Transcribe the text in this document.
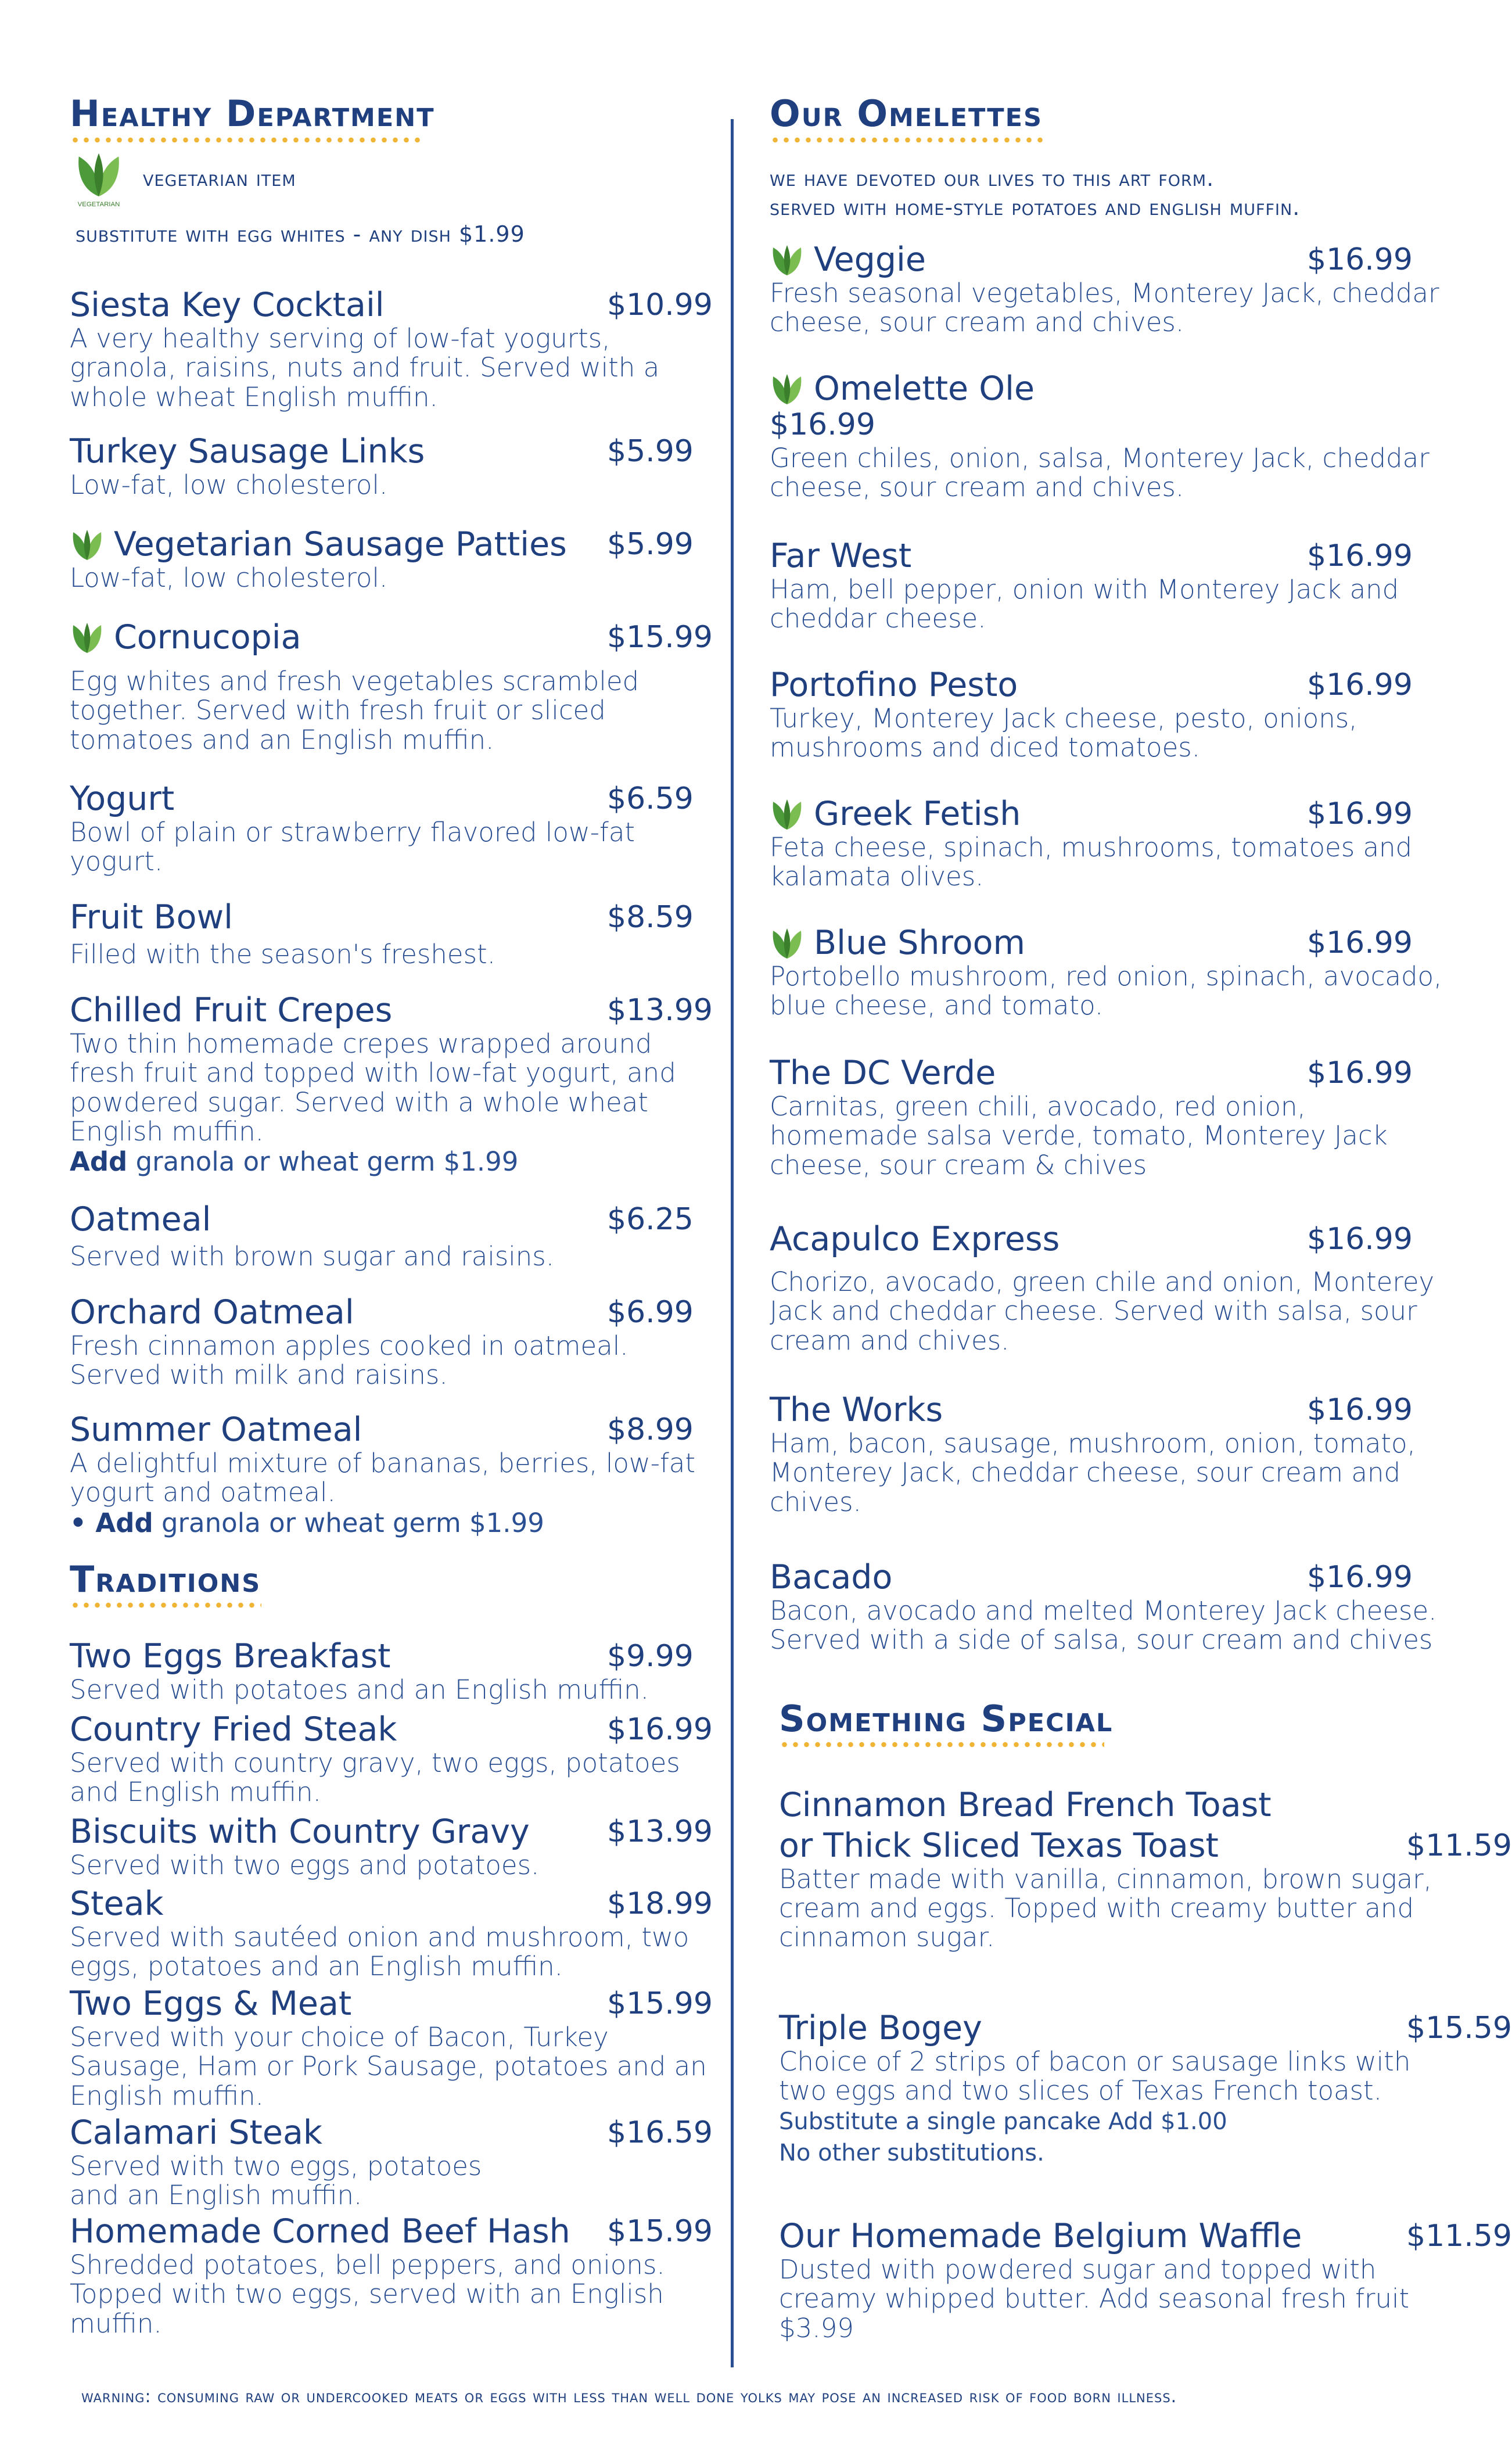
Healthy Department
VEGETARIAN
vegetarian item

substitute with egg whites - any dish $1.99

Siesta Key Cocktail	$10.99
A very healthy serving of low-fat yogurts, granola, raisins, nuts and fruit. Served with a whole wheat English muffin.
Turkey Sausage Links	$5.99
Low-fat, low cholesterol.
Vegetarian Sausage Patties $5.99
Low-fat, low cholesterol.
Cornucopia	$15.99
Egg whites and fresh vegetables scrambled together. Served with fresh fruit or sliced tomatoes and an English muffin.
Yogurt	$6.59
Bowl of plain or strawberry flavored low-fat yogurt.
Fruit Bowl	$8.59
Filled with the season's freshest.
Chilled Fruit Crepes	$13.99
Two thin homemade crepes wrapped around fresh fruit and topped with low-fat yogurt, and powdered sugar. Served with a whole wheat English muffin.
Add granola or wheat germ $1.99
Oatmeal	$6.25
Served with brown sugar and raisins.
Orchard Oatmeal	$6.99
Fresh cinnamon apples cooked in oatmeal. Served with milk and raisins.
Summer Oatmeal	$8.99
A delightful mixture of bananas, berries, low-fat yogurt and oatmeal.
• Add granola or wheat germ $1.99
Traditions
Two Eggs Breakfast	$9.99
Served with potatoes and an English muffin.
Country Fried Steak	$16.99
Served with country gravy, two eggs, potatoes and English muffin.
Biscuits with Country Gravy	$13.99
Served with two eggs and potatoes.
Steak	$18.99
Served with sautéed onion and mushroom, two eggs, potatoes and an English muffin.
Two Eggs & Meat	$15.99
Served with your choice of Bacon, Turkey Sausage, Ham or Pork Sausage, potatoes and an English muffin.
Calamari Steak	$16.59
Served with two eggs, potatoes and an English muffin.
Homemade Corned Beef Hash	$15.99
Shredded potatoes, bell peppers, and onions. Topped with two eggs, served with an English muffin.
Our Omelettes

we have devoted our lives to this art form.

served with home-style potatoes and english muffin.

Veggie	$16.99
Fresh seasonal vegetables, Monterey Jack, cheddar cheese, sour cream and chives.
Omelette Ole
$16.99
Green chiles, onion, salsa, Monterey Jack, cheddar cheese, sour cream and chives.
Far West	$16.99
Ham, bell pepper, onion with Monterey Jack and cheddar cheese.
Portofino Pesto	$16.99
Turkey, Monterey Jack cheese, pesto, onions, mushrooms and diced tomatoes.
Greek Fetish	$16.99
Feta cheese, spinach, mushrooms, tomatoes and kalamata olives.
Blue Shroom	$16.99
Portobello mushroom, red onion, spinach, avocado, blue cheese, and tomato.
The DC Verde	$16.99
Carnitas, green chili, avocado, red onion, homemade salsa verde, tomato, Monterey Jack cheese, sour cream & chives
Acapulco Express	$16.99
Chorizo, avocado, green chile and onion, Monterey Jack and cheddar cheese. Served with salsa, sour cream and chives.
The Works	$16.99
Ham, bacon, sausage, mushroom, onion, tomato, Monterey Jack, cheddar cheese, sour cream and chives.
Bacado	$16.99
Bacon, avocado and melted Monterey Jack cheese. Served with a side of salsa, sour cream and chives
Something Special
Cinnamon Bread French Toast
or Thick Sliced Texas Toast	$11.59
Batter made with vanilla, cinnamon, brown sugar, cream and eggs. Topped with creamy butter and cinnamon sugar.
Triple Bogey	$15.59
Choice of 2 strips of bacon or sausage links with two eggs and two slices of Texas French toast.
Substitute a single pancake Add $1.00
No other substitutions.
Our Homemade Belgium Waffle	$11.59
Dusted with powdered sugar and topped with creamy whipped butter. Add seasonal fresh fruit $3.99
warning: consuming raw or undercooked meats or eggs with less than well done yolks may pose an increased risk of food born illness.
